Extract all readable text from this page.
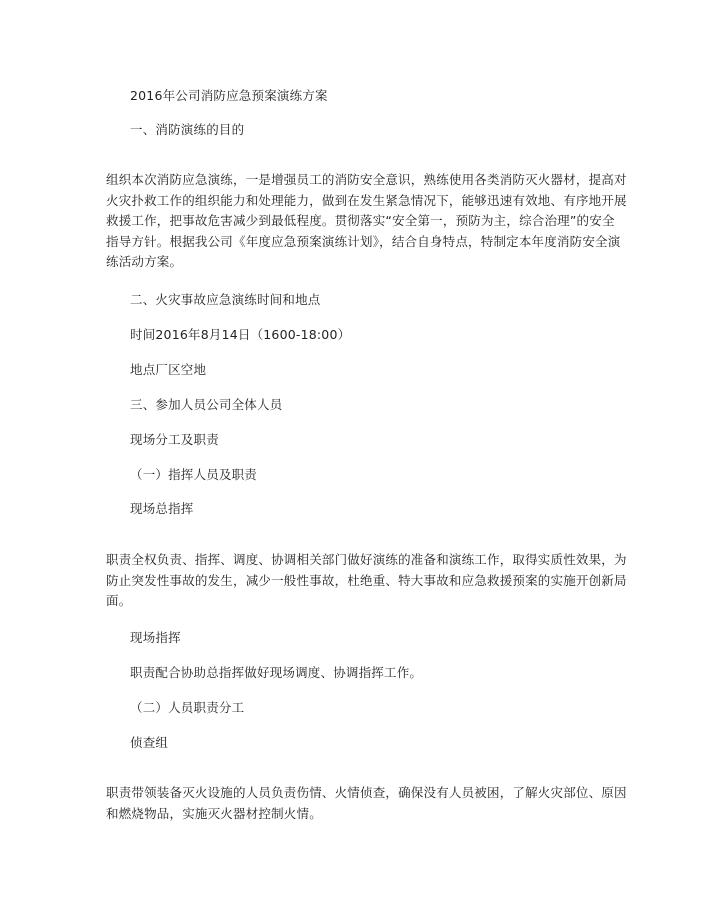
2016年公司消防应急预案演练方案
一、消防演练的目的
组织本次消防应急演练，一是增强员工的消防安全意识，熟练使用各类消防灭火器材，提高对
火灾扑救工作的组织能力和处理能力，做到在发生紧急情况下，能够迅速有效地、有序地开展
救援工作，把事故危害减少到最低程度。贯彻落实“安全第一，预防为主，综合治理”的安全
指导方针。根据我公司《年度应急预案演练计划》，结合自身特点，特制定本年度消防安全演
练活动方案。
二、火灾事故应急演练时间和地点
时间2016年8月14日（1600-18:00）
地点厂区空地
三、参加人员公司全体人员
现场分工及职责
（一）指挥人员及职责
现场总指挥
职责全权负责、指挥、调度、协调相关部门做好演练的准备和演练工作，取得实质性效果，为
防止突发性事故的发生，减少一般性事故，杜绝重、特大事故和应急救援预案的实施开创新局
面。
现场指挥
职责配合协助总指挥做好现场调度、协调指挥工作。
（二）人员职责分工
侦查组
职责带领装备灭火设施的人员负责伤情、火情侦查，确保没有人员被困，了解火灾部位、原因
和燃烧物品，实施灭火器材控制火情。
